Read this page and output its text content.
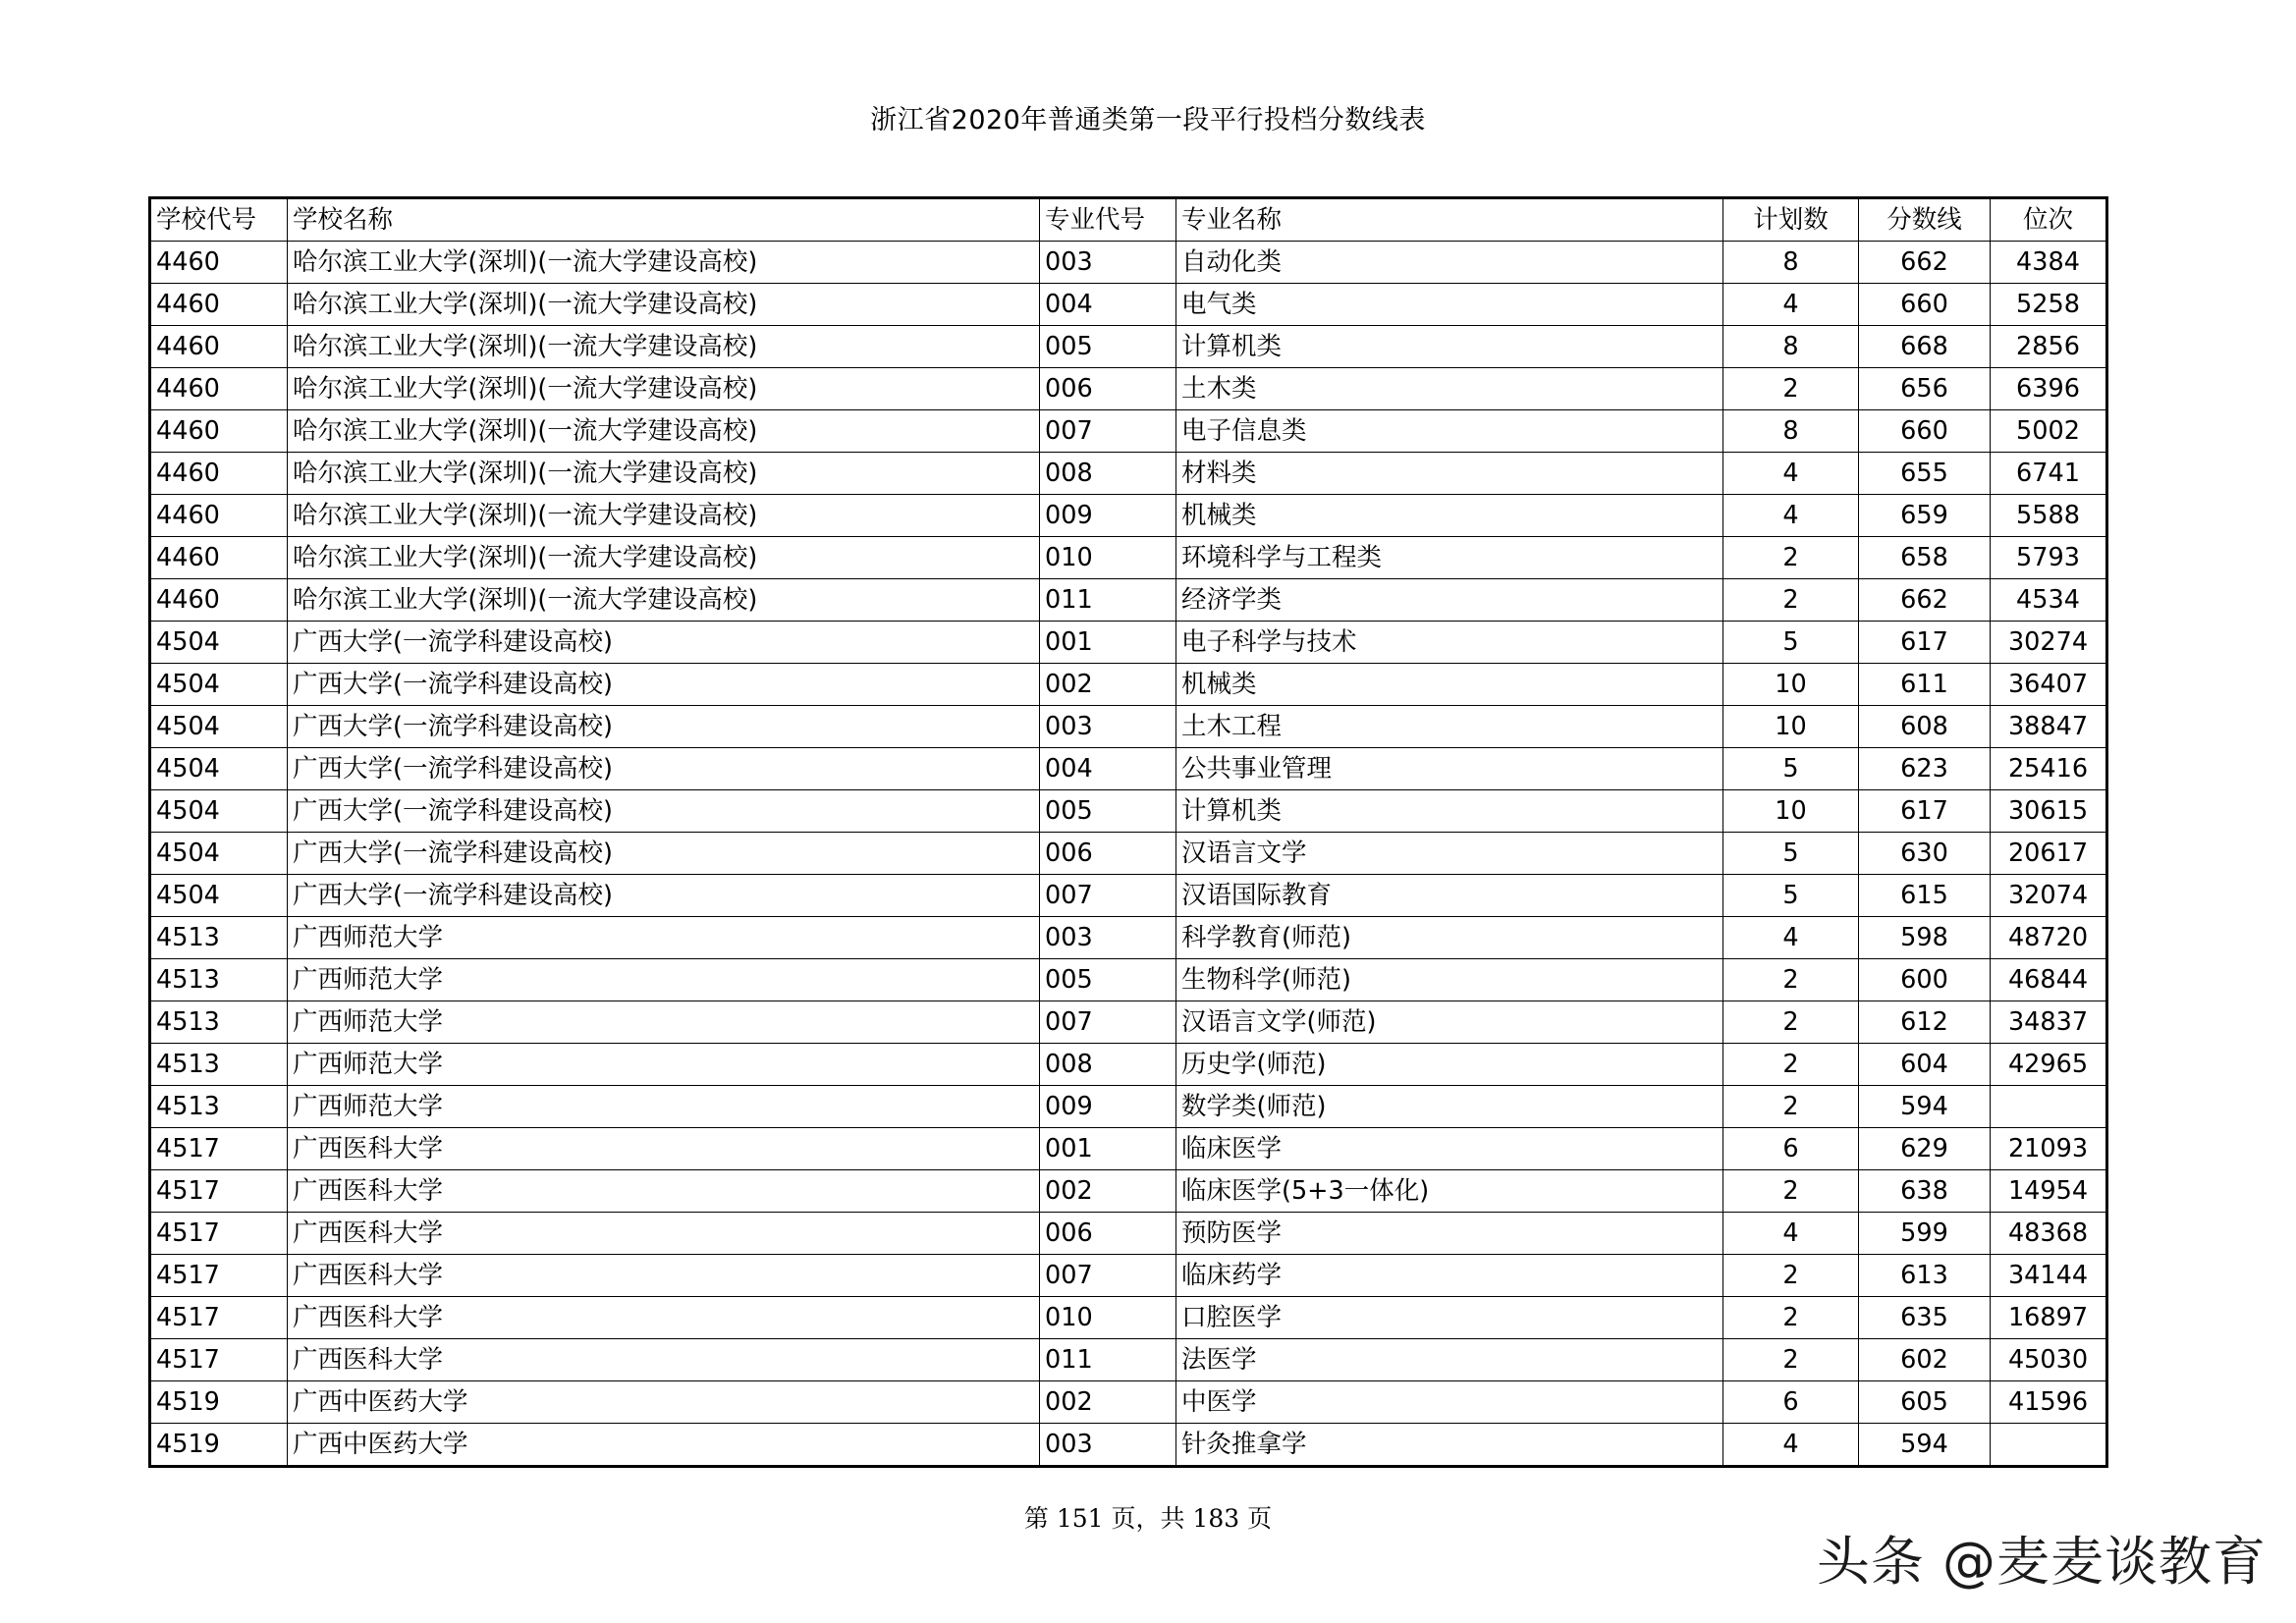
浙江省2020年普通类第一段平行投档分数线表
学校代号	学校名称	专业代号	专业名称	计划数	分数线	位次
4460	哈尔滨工业大学(深圳)(一流大学建设高校)	003	自动化类	8	662	4384
4460	哈尔滨工业大学(深圳)(一流大学建设高校)	004	电气类	4	660	5258
4460	哈尔滨工业大学(深圳)(一流大学建设高校)	005	计算机类	8	668	2856
4460	哈尔滨工业大学(深圳)(一流大学建设高校)	006	土木类	2	656	6396
4460	哈尔滨工业大学(深圳)(一流大学建设高校)	007	电子信息类	8	660	5002
4460	哈尔滨工业大学(深圳)(一流大学建设高校)	008	材料类	4	655	6741
4460	哈尔滨工业大学(深圳)(一流大学建设高校)	009	机械类	4	659	5588
4460	哈尔滨工业大学(深圳)(一流大学建设高校)	010	环境科学与工程类	2	658	5793
4460	哈尔滨工业大学(深圳)(一流大学建设高校)	011	经济学类	2	662	4534
4504	广西大学(一流学科建设高校)	001	电子科学与技术	5	617	30274
4504	广西大学(一流学科建设高校)	002	机械类	10	611	36407
4504	广西大学(一流学科建设高校)	003	土木工程	10	608	38847
4504	广西大学(一流学科建设高校)	004	公共事业管理	5	623	25416
4504	广西大学(一流学科建设高校)	005	计算机类	10	617	30615
4504	广西大学(一流学科建设高校)	006	汉语言文学	5	630	20617
4504	广西大学(一流学科建设高校)	007	汉语国际教育	5	615	32074
4513	广西师范大学	003	科学教育(师范)	4	598	48720
4513	广西师范大学	005	生物科学(师范)	2	600	46844
4513	广西师范大学	007	汉语言文学(师范)	2	612	34837
4513	广西师范大学	008	历史学(师范)	2	604	42965
4513	广西师范大学	009	数学类(师范)	2	594	
4517	广西医科大学	001	临床医学	6	629	21093
4517	广西医科大学	002	临床医学(5+3一体化)	2	638	14954
4517	广西医科大学	006	预防医学	4	599	48368
4517	广西医科大学	007	临床药学	2	613	34144
4517	广西医科大学	010	口腔医学	2	635	16897
4517	广西医科大学	011	法医学	2	602	45030
4519	广西中医药大学	002	中医学	6	605	41596
4519	广西中医药大学	003	针灸推拿学	4	594	
第 151 页，共 183 页
头条 @麦麦谈教育
